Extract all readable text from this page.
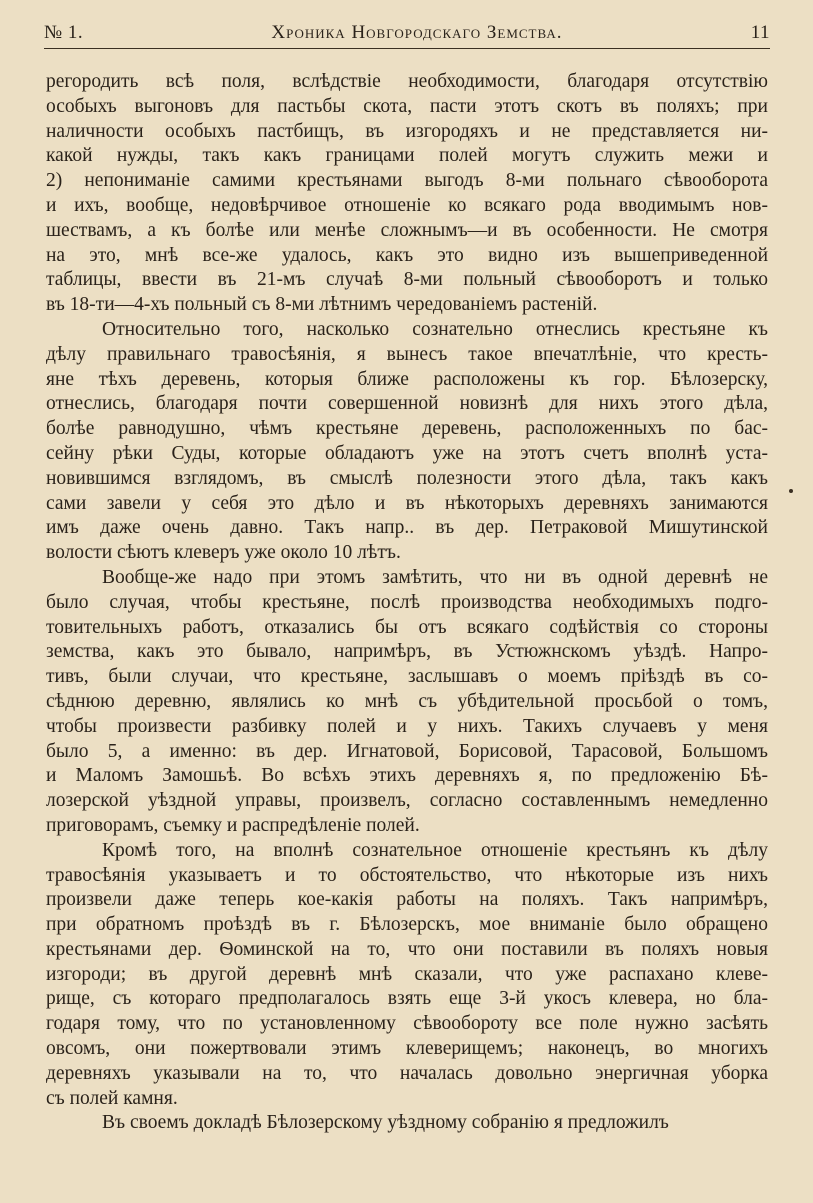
№ 1.	Хроника Новгородскаго Земства.	11
регородить всѣ поля, вслѣдствіе необходимости, благодаря отсутствію
особыхъ выгоновъ для пастьбы скота, пасти этотъ скотъ въ поляхъ; при
наличности особыхъ пастбищъ, въ изгородяхъ и не представляется ни-
какой нужды, такъ какъ границами полей могутъ служить межи и
2) непониманіе самими крестьянами выгодъ 8-ми польнаго сѣвооборота
и ихъ, вообще, недовѣрчивое отношеніе ко всякаго рода вводимымъ нов-
шествамъ, а къ болѣе или менѣе сложнымъ—и въ особенности. Не смотря
на это, мнѣ все-же удалось, какъ это видно изъ вышеприведенной
таблицы, ввести въ 21-мъ случаѣ 8-ми польный сѣвооборотъ и только
въ 18-ти—4-хъ польный съ 8-ми лѣтнимъ чередованіемъ растеній.
Относительно того, насколько сознательно отнеслись крестьяне къ
дѣлу правильнаго травосѣянія, я вынесъ такое впечатлѣніе, что кресть-
яне тѣхъ деревень, которыя ближе расположены къ гор. Бѣлозерску,
отнеслись, благодаря почти совершенной новизнѣ для нихъ этого дѣла,
болѣе равнодушно, чѣмъ крестьяне деревень, расположенныхъ по бас-
сейну рѣки Суды, которые обладаютъ уже на этотъ счетъ вполнѣ уста-
новившимся взглядомъ, въ смыслѣ полезности этого дѣла, такъ какъ
сами завели у себя это дѣло и въ нѣкоторыхъ деревняхъ занимаются
имъ даже очень давно. Такъ напр.. въ дер. Петраковой Мишутинской
волости сѣютъ клеверъ уже около 10 лѣтъ.
Вообще-же надо при этомъ замѣтить, что ни въ одной деревнѣ не
было случая, чтобы крестьяне, послѣ производства необходимыхъ подго-
товительныхъ работъ, отказались бы отъ всякаго содѣйствія со стороны
земства, какъ это бывало, напримѣръ, въ Устюжнскомъ уѣздѣ. Напро-
тивъ, были случаи, что крестьяне, заслышавъ о моемъ пріѣздѣ въ со-
сѣднюю деревню, являлись ко мнѣ съ убѣдительной просьбой о томъ,
чтобы произвести разбивку полей и у нихъ. Такихъ случаевъ у меня
было 5, а именно: въ дер. Игнатовой, Борисовой, Тарасовой, Большомъ
и Маломъ Замошьѣ. Во всѣхъ этихъ деревняхъ я, по предложенію Бѣ-
лозерской уѣздной управы, произвелъ, согласно составленнымъ немедленно
приговорамъ, съемку и распредѣленіе полей.
Кромѣ того, на вполнѣ сознательное отношеніе крестьянъ къ дѣлу
травосѣянія указываетъ и то обстоятельство, что нѣкоторые изъ нихъ
произвели даже теперь кое-какія работы на поляхъ. Такъ напримѣръ,
при обратномъ проѣздѣ въ г. Бѣлозерскъ, мое вниманіе было обращено
крестьянами дер. Ѳоминской на то, что они поставили въ поляхъ новыя
изгороди; въ другой деревнѣ мнѣ сказали, что уже распахано клеве-
рище, съ котораго предполагалось взять еще 3-й укосъ клевера, но бла-
годаря тому, что по установленному сѣвообороту все поле нужно засѣять
овсомъ, они пожертвовали этимъ клеверищемъ; наконецъ, во многихъ
деревняхъ указывали на то, что началась довольно энергичная уборка
съ полей камня.
Въ своемъ докладѣ Бѣлозерскому уѣздному собранію я предложилъ
